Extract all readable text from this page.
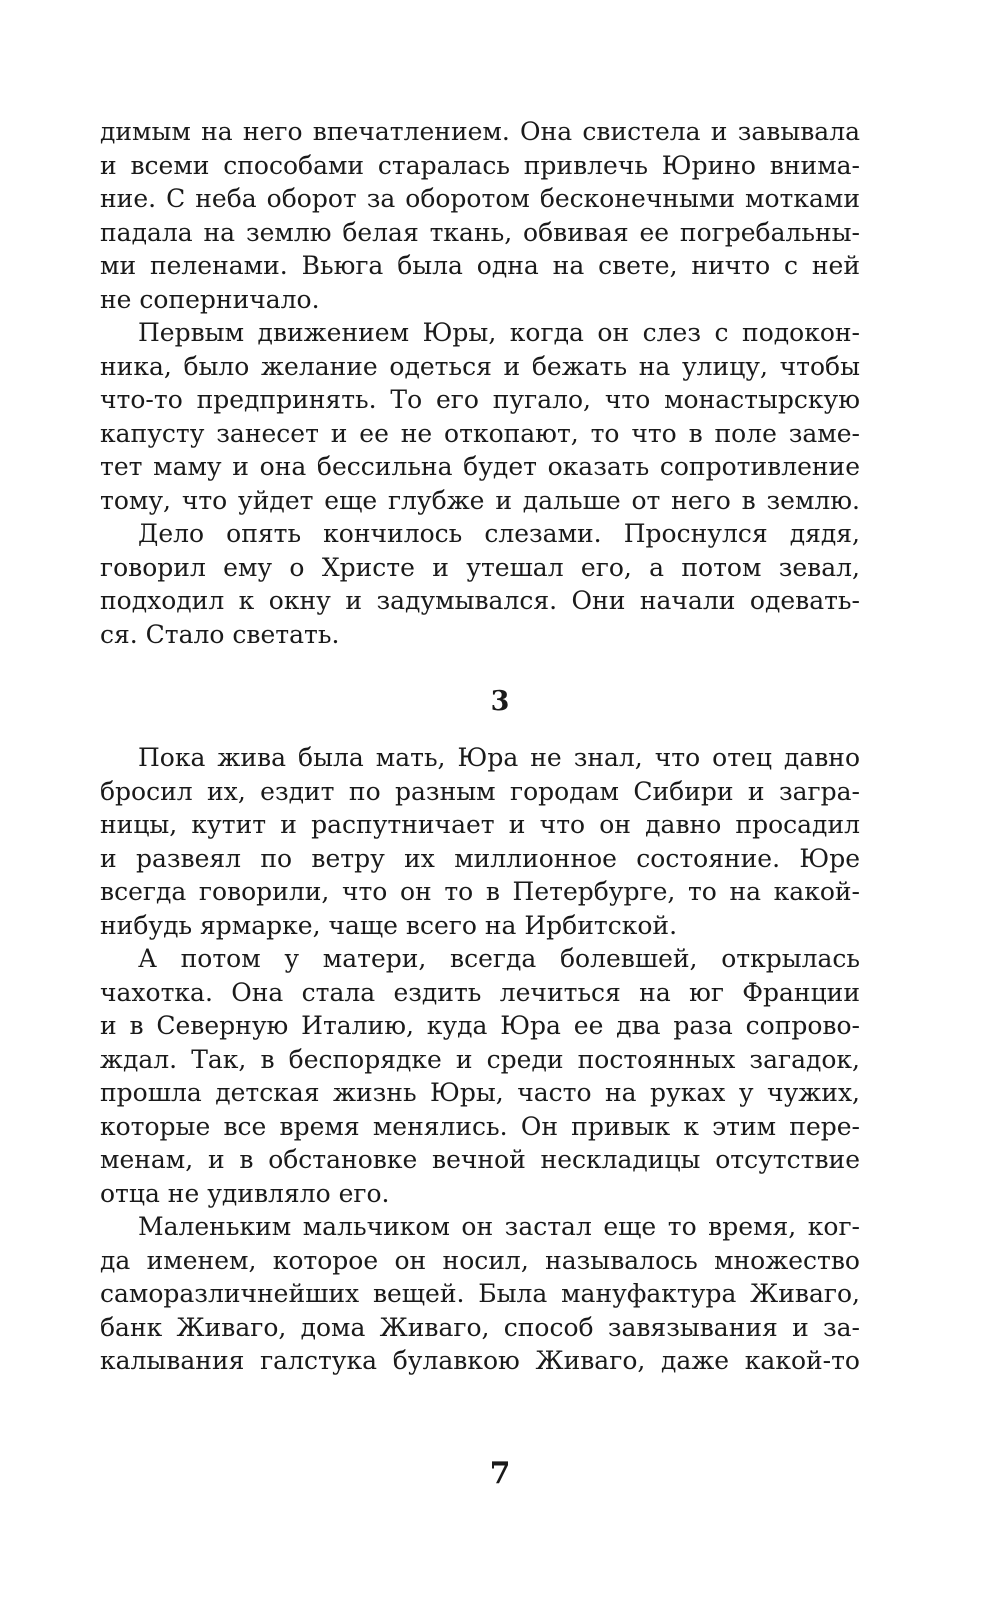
димым на него впечатлением. Она свистела и завывала
и всеми способами старалась привлечь Юрино внима-
ние. С неба оборот за оборотом бесконечными мотками
падала на землю белая ткань, обвивая ее погребальны-
ми пеленами. Вьюга была одна на свете, ничто с ней
не соперничало.
Первым движением Юры, когда он слез с подокон-
ника, было желание одеться и бежать на улицу, чтобы
что-то предпринять. То его пугало, что монастырскую
капусту занесет и ее не откопают, то что в поле заме-
тет маму и она бессильна будет оказать сопротивление
тому, что уйдет еще глубже и дальше от него в землю.
Дело опять кончилось слезами. Проснулся дядя,
говорил ему о Христе и утешал его, а потом зевал,
подходил к окну и задумывался. Они начали одевать-
ся. Стало светать.
3
Пока жива была мать, Юра не знал, что отец давно
бросил их, ездит по разным городам Сибири и загра-
ницы, кутит и распутничает и что он давно просадил
и развеял по ветру их миллионное состояние. Юре
всегда говорили, что он то в Петербурге, то на какой-
нибудь ярмарке, чаще всего на Ирбитской.
А потом у матери, всегда болевшей, открылась
чахотка. Она стала ездить лечиться на юг Франции
и в Северную Италию, куда Юра ее два раза сопрово-
ждал. Так, в беспорядке и среди постоянных загадок,
прошла детская жизнь Юры, часто на руках у чужих,
которые все время менялись. Он привык к этим пере-
менам, и в обстановке вечной нескладицы отсутствие
отца не удивляло его.
Маленьким мальчиком он застал еще то время, ког-
да именем, которое он носил, называлось множество
саморазличнейших вещей. Была мануфактура Живаго,
банк Живаго, дома Живаго, способ завязывания и за-
калывания галстука булавкою Живаго, даже какой-то
7
